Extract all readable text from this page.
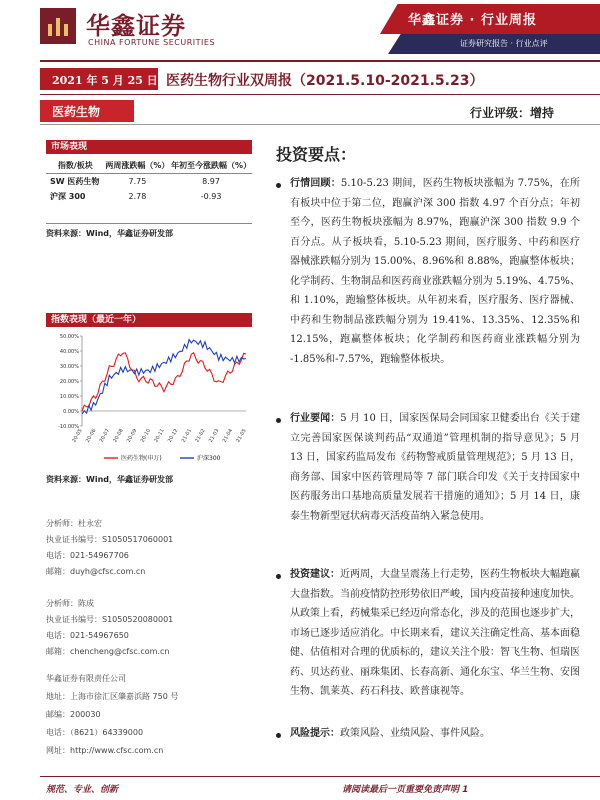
华鑫证券
CHINA FORTUNE SECURITIES
华鑫证券 · 行业周报
证券研究报告 · 行业点评
2021 年 5 月 25 日 医药生物行业双周报（2021.5.10-2021.5.23）
医药生物	行业评级：增持
市场表现
指数/板块	两周涨跌幅（%）	年初至今涨跌幅（%）
SW 医药生物	7.75	8.97
沪深 300	2.78	-0.93
资料来源：Wind，华鑫证券研发部
指数表现（最近一年）
50.00%
40.00%
30.00%
20.00%
10.00%
0.00%
-10.00%
20-05 20-06 20-07 20-08 20-09 20-10 20-11 20-12 21-01 21-02 21-03 21-04 21-05
医药生物(申万)	沪深300
资料来源：Wind，华鑫证券研发部
分析师：杜永宏
执业证书编号：S1050517060001
电话：021-54967706
邮箱：duyh@cfsc.com.cn
分析师：陈成
执业证书编号：S1050520080001
电话：021-54967650
邮箱：chencheng@cfsc.com.cn
华鑫证券有限责任公司
地址：上海市徐汇区肇嘉浜路 750 号
邮编：200030
电话：（8621）64339000
网址：http://www.cfsc.com.cn
投资要点：
行情回顾：5.10-5.23 期间，医药生物板块涨幅为 7.75%，在所有板块中位于第二位，跑赢沪深 300 指数 4.97 个百分点；年初至今，医药生物板块涨幅为 8.97%，跑赢沪深 300 指数 9.9 个百分点。从子板块看，5.10-5.23 期间，医疗服务、中药和医疗器械涨跌幅分别为 15.00%、8.96%和 8.88%，跑赢整体板块；化学制药、生物制品和医药商业涨跌幅分别为 5.19%、4.75%、和 1.10%，跑输整体板块。从年初来看，医疗服务、医疗器械、中药和生物制品涨跌幅分别为 19.41%、13.35%、12.35%和 12.15%，跑赢整体板块；化学制药和医药商业涨跌幅分别为 -1.85%和-7.57%，跑输整体板块。
行业要闻：5 月 10 日，国家医保局会同国家卫健委出台《关于建立完善国家医保谈判药品“双通道”管理机制的指导意见》；5 月 13 日，国家药监局发布《药物警戒质量管理规范》；5 月 13 日，商务部、国家中医药管理局等 7 部门联合印发《关于支持国家中医药服务出口基地高质量发展若干措施的通知》；5 月 14 日，康泰生物新型冠状病毒灭活疫苗纳入紧急使用。
投资建议：近两周，大盘呈震荡上行走势，医药生物板块大幅跑赢大盘指数。当前疫情防控形势依旧严峻，国内疫苗接种速度加快。从政策上看，药械集采已经迈向常态化，涉及的范围也逐步扩大，市场已逐步适应消化。中长期来看，建议关注确定性高、基本面稳健、估值相对合理的优质标的，建议关注个股：智飞生物、恒瑞医药、贝达药业、丽珠集团、长春高新、通化东宝、华兰生物、安图生物、凯莱英、药石科技、欧普康视等。
风险提示：政策风险、业绩风险、事件风险。
规范、专业、创新	请阅读最后一页重要免责声明 1
